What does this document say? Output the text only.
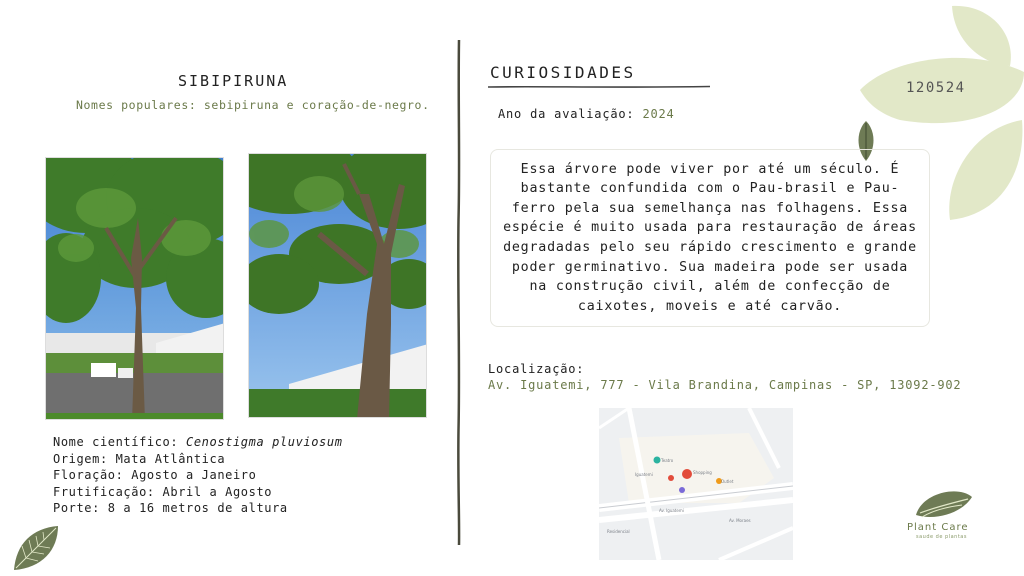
SIBIPIRUNA
Nomes populares: sebipiruna e coração-de-negro.
Nome científico: Cenostigma pluviosum
Origem: Mata Atlântica
Floração: Agosto a Janeiro
Frutificação: Abril a Agosto
Porte: 8 a 16 metros de altura
CURIOSIDADES
Ano da avaliação: 2024
120524

Essa árvore pode viver por até um século. É bastante confundida com o Pau-brasil e Pau-ferro pela sua semelhança nas folhagens. Essa espécie é muito usada para restauração de áreas degradadas pelo seu rápido crescimento e grande poder germinativo. Sua madeira pode ser usada na construção civil, além de confecção de caixotes, moveis e até carvão.

Localização:
Av. Iguatemi, 777 - Vila Brandina, Campinas - SP, 13092-902
Teatro
Shopping
Iguatemi
Outlet
Av. Iguatemi
Av. Moraes
Residencial	Plant Care
saude de plantas
